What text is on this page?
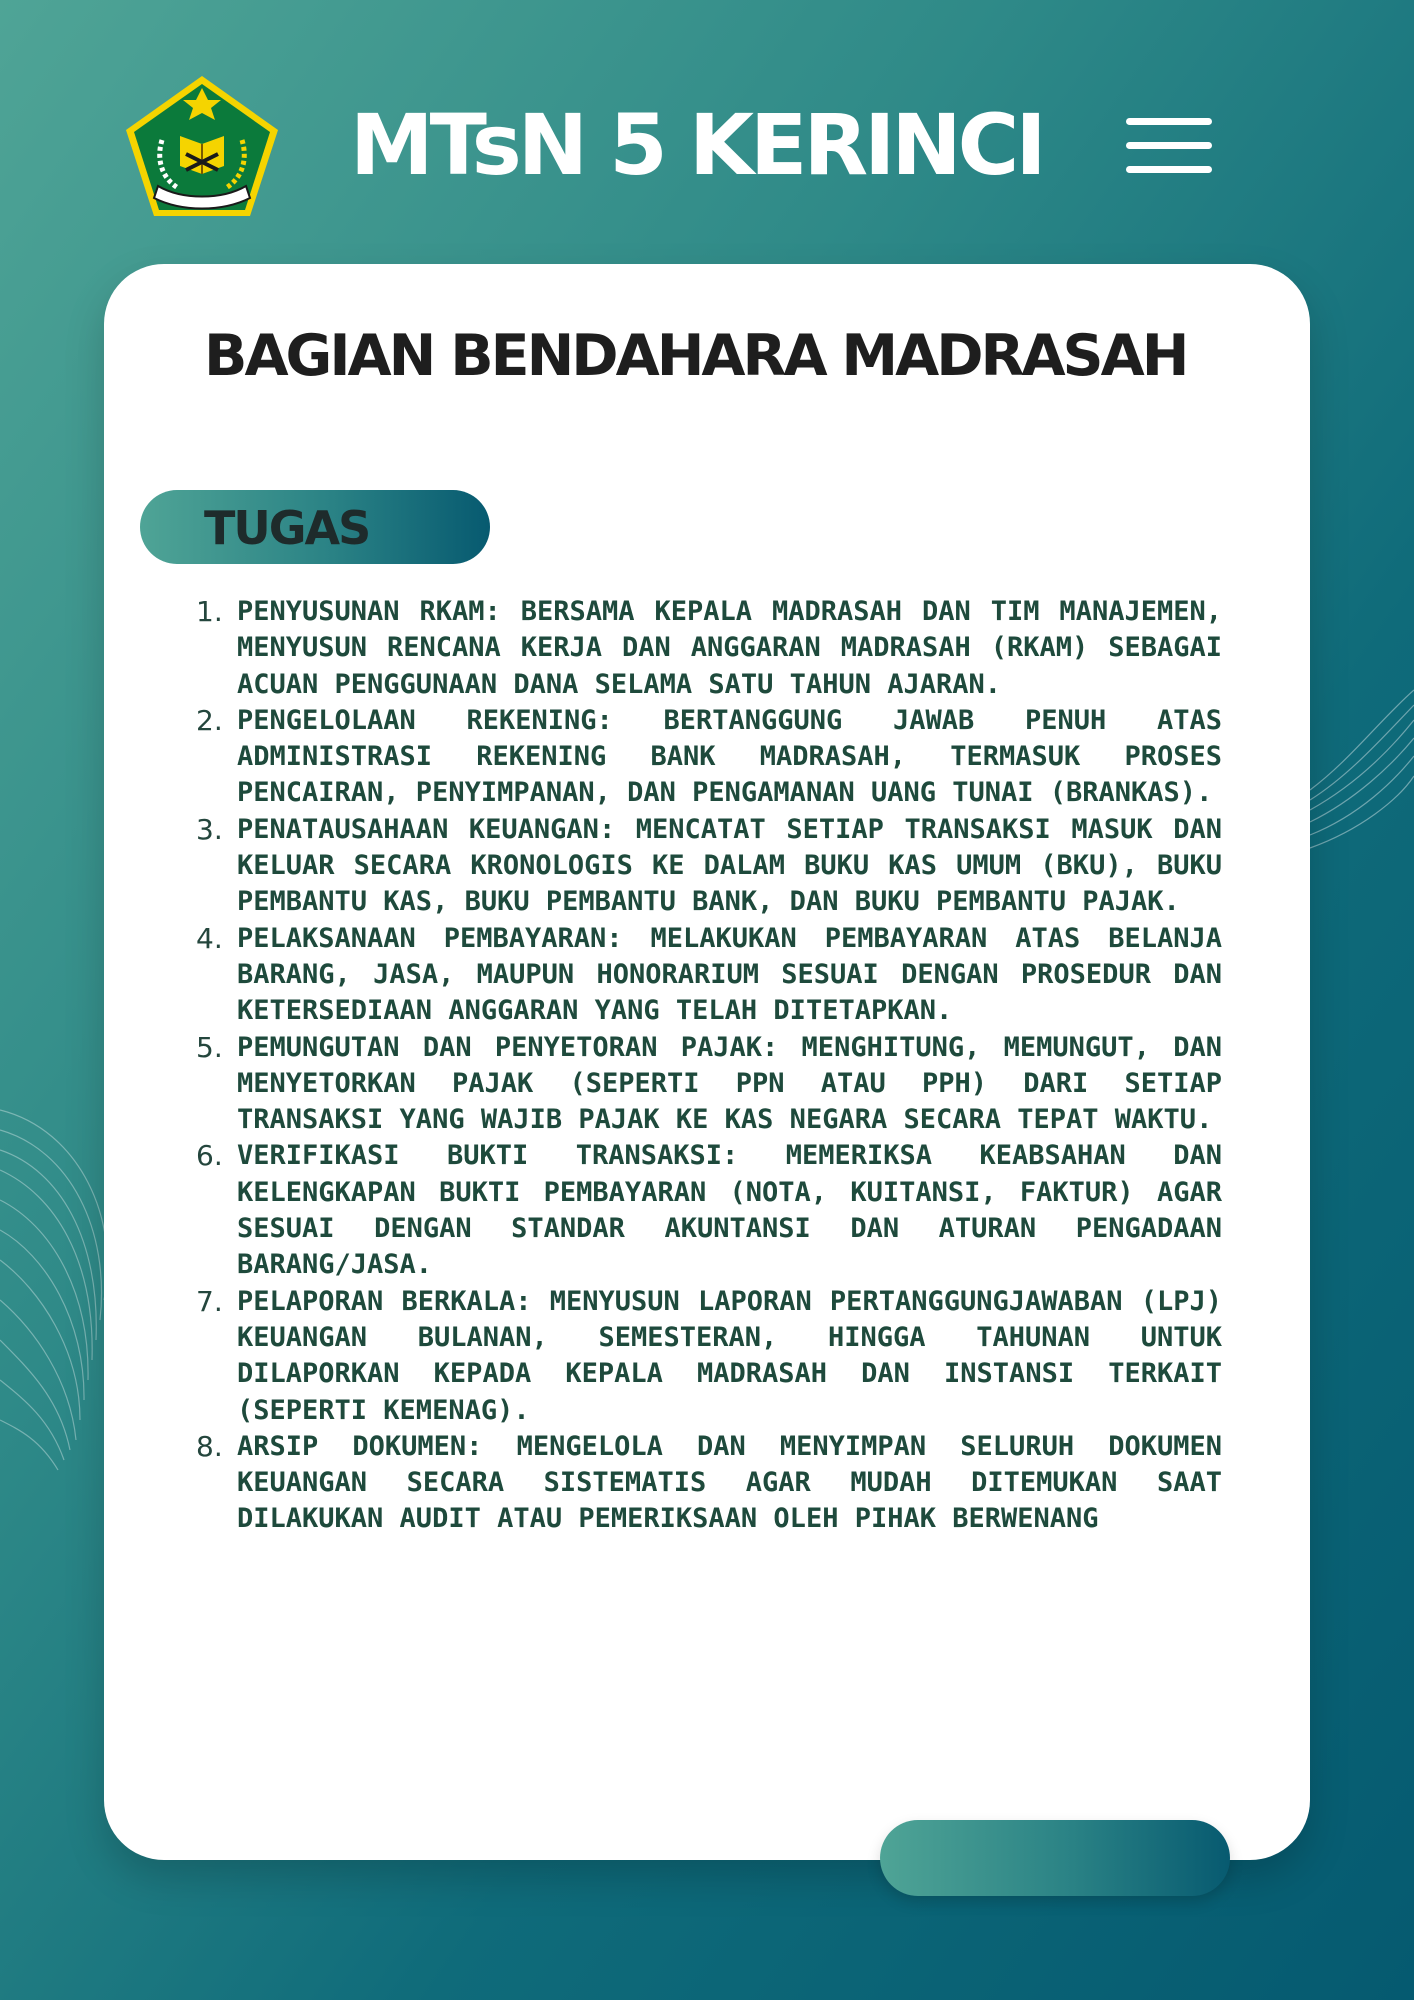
MTsN 5 KERINCI
BAGIAN BENDAHARA MADRASAH
TUGAS
1. PENYUSUNAN RKAM: BERSAMA KEPALA MADRASAH DAN TIM MANAJEMEN, MENYUSUN RENCANA KERJA DAN ANGGARAN MADRASAH (RKAM) SEBAGAI ACUAN PENGGUNAAN DANA SELAMA SATU TAHUN AJARAN.
2. PENGELOLAAN REKENING: BERTANGGUNG JAWAB PENUH ATAS ADMINISTRASI REKENING BANK MADRASAH, TERMASUK PROSES PENCAIRAN, PENYIMPANAN, DAN PENGAMANAN UANG TUNAI (BRANKAS).
3. PENATAUSAHAAN KEUANGAN: MENCATAT SETIAP TRANSAKSI MASUK DAN KELUAR SECARA KRONOLOGIS KE DALAM BUKU KAS UMUM (BKU), BUKU PEMBANTU KAS, BUKU PEMBANTU BANK, DAN BUKU PEMBANTU PAJAK.
4. PELAKSANAAN PEMBAYARAN: MELAKUKAN PEMBAYARAN ATAS BELANJA BARANG, JASA, MAUPUN HONORARIUM SESUAI DENGAN PROSEDUR DAN KETERSEDIAAN ANGGARAN YANG TELAH DITETAPKAN.
5. PEMUNGUTAN DAN PENYETORAN PAJAK: MENGHITUNG, MEMUNGUT, DAN MENYETORKAN PAJAK (SEPERTI PPN ATAU PPH) DARI SETIAP TRANSAKSI YANG WAJIB PAJAK KE KAS NEGARA SECARA TEPAT WAKTU.
6. VERIFIKASI BUKTI TRANSAKSI: MEMERIKSA KEABSAHAN DAN KELENGKAPAN BUKTI PEMBAYARAN (NOTA, KUITANSI, FAKTUR) AGAR SESUAI DENGAN STANDAR AKUNTANSI DAN ATURAN PENGADAAN BARANG/JASA.
7. PELAPORAN BERKALA: MENYUSUN LAPORAN PERTANGGUNGJAWABAN (LPJ) KEUANGAN BULANAN, SEMESTERAN, HINGGA TAHUNAN UNTUK DILAPORKAN KEPADA KEPALA MADRASAH DAN INSTANSI TERKAIT (SEPERTI KEMENAG).
8. ARSIP DOKUMEN: MENGELOLA DAN MENYIMPAN SELURUH DOKUMEN KEUANGAN SECARA SISTEMATIS AGAR MUDAH DITEMUKAN SAAT DILAKUKAN AUDIT ATAU PEMERIKSAAN OLEH PIHAK BERWENANG
